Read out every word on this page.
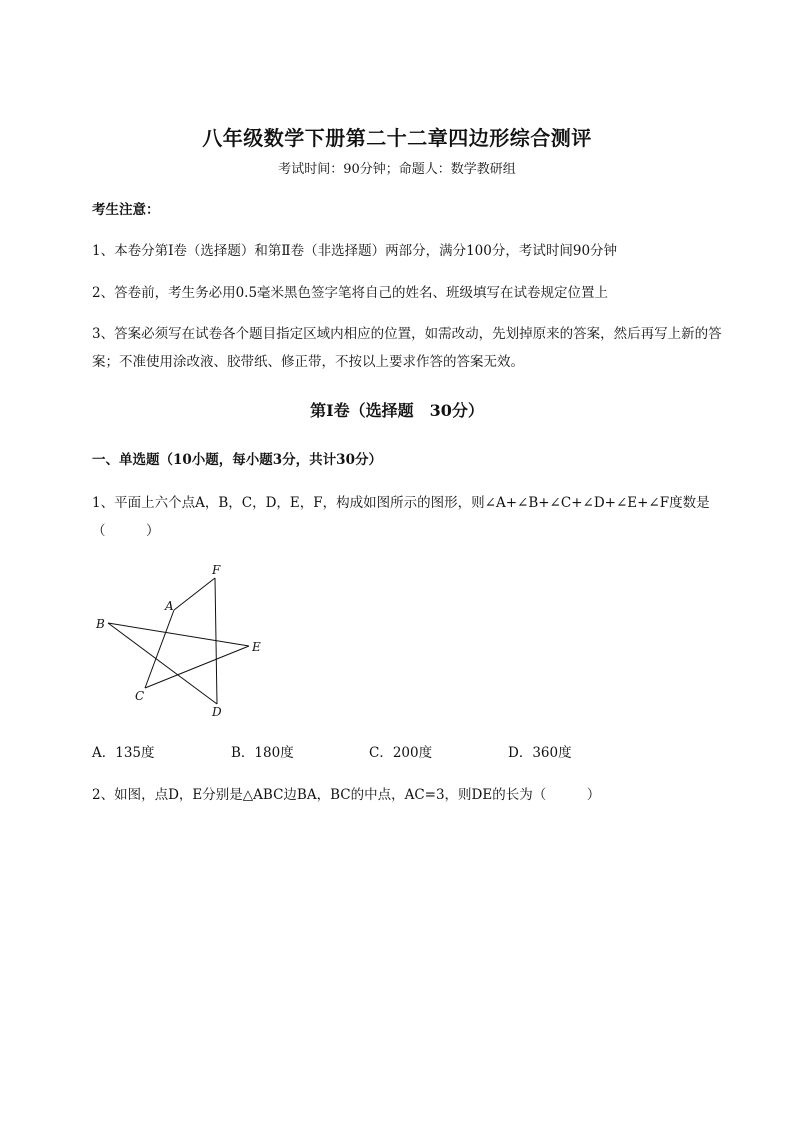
八年级数学下册第二十二章四边形综合测评
考试时间：90分钟；命题人：数学教研组
考生注意：
1、本卷分第I卷（选择题）和第Ⅱ卷（非选择题）两部分，满分100分，考试时间90分钟
2、答卷前，考生务必用0.5毫米黑色签字笔将自己的姓名、班级填写在试卷规定位置上
3、答案必须写在试卷各个题目指定区域内相应的位置，如需改动，先划掉原来的答案，然后再写上新的答案；不准使用涂改液、胶带纸、修正带，不按以上要求作答的答案无效。
第I卷（选择题　30分）
一、单选题（10小题，每小题3分，共计30分）
1、平面上六个点A，B，C，D，E，F，构成如图所示的图形，则∠A+∠B+∠C+∠D+∠E+∠F度数是（　　　）
F
A
B
E
C
D
A．135度	B．180度	C．200度	D．360度
2、如图，点D，E分别是△ABC边BA，BC的中点，AC=3，则DE的长为（　　　）
